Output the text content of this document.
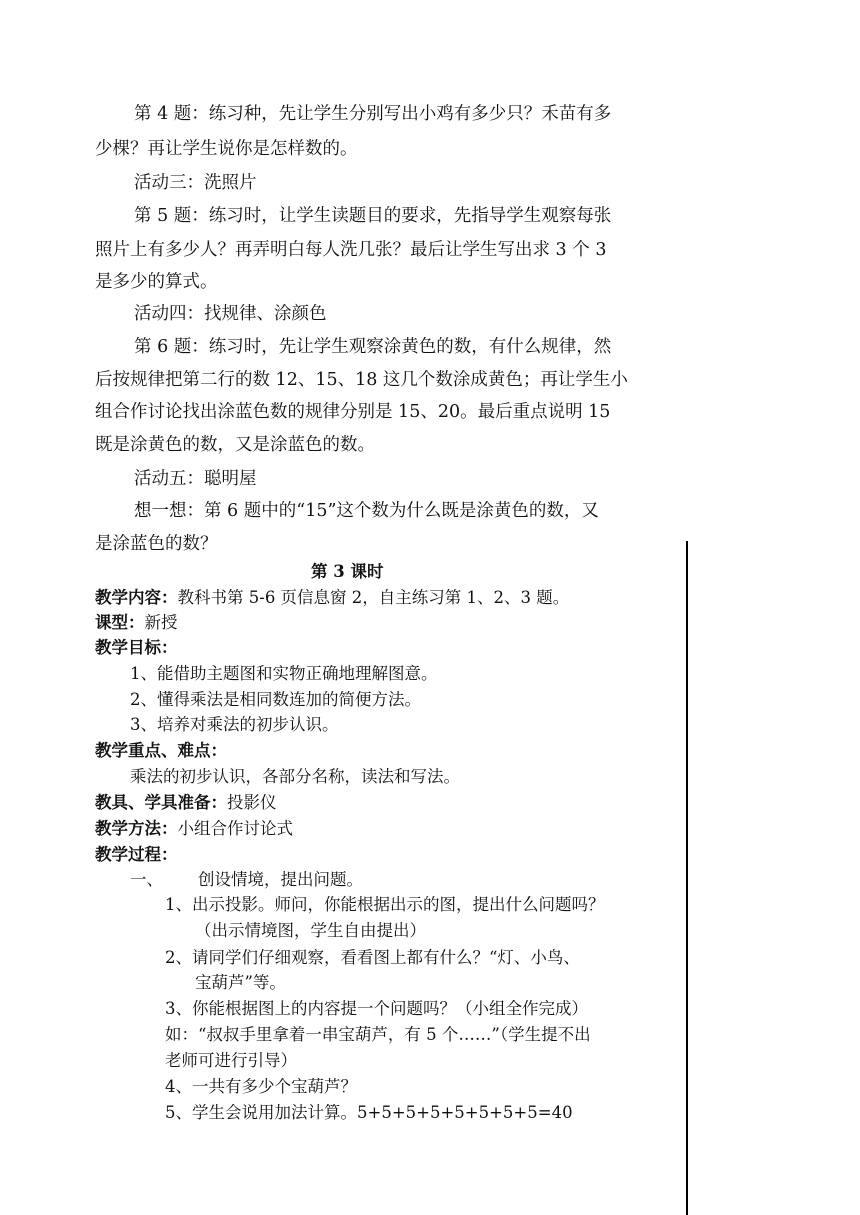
第 4 题：练习种，先让学生分别写出小鸡有多少只？禾苗有多

少棵？再让学生说你是怎样数的。

活动三：洗照片

第 5 题：练习时，让学生读题目的要求，先指导学生观察每张

照片上有多少人？再弄明白每人洗几张？最后让学生写出求 3 个 3

是多少的算式。

活动四：找规律、涂颜色

第 6 题：练习时，先让学生观察涂黄色的数，有什么规律，然

后按规律把第二行的数 12、15、18 这几个数涂成黄色；再让学生小

组合作讨论找出涂蓝色数的规律分别是 15、20。最后重点说明 15

既是涂黄色的数，又是涂蓝色的数。

活动五：聪明屋

想一想：第 6 题中的“15”这个数为什么既是涂黄色的数，又

是涂蓝色的数？

第 3 课时

教学内容：教科书第 5-6 页信息窗 2，自主练习第 1、2、3 题。

课型：新授

教学目标：

1、能借助主题图和实物正确地理解图意。

2、懂得乘法是相同数连加的简便方法。

3、培养对乘法的初步认识。

教学重点、难点：

乘法的初步认识，各部分名称，读法和写法。

教具、学具准备：投影仪

教学方法：小组合作讨论式

教学过程：

一、 创设情境，提出问题。

1、出示投影。师问，你能根据出示的图，提出什么问题吗？

（出示情境图，学生自由提出）

2、请同学们仔细观察，看看图上都有什么？“灯、小鸟、

宝葫芦”等。

3、你能根据图上的内容提一个问题吗？（小组全作完成）

如：“叔叔手里拿着一串宝葫芦，有 5 个……”（学生提不出

老师可进行引导）

4、一共有多少个宝葫芦？

5、学生会说用加法计算。5+5+5+5+5+5+5+5=40
